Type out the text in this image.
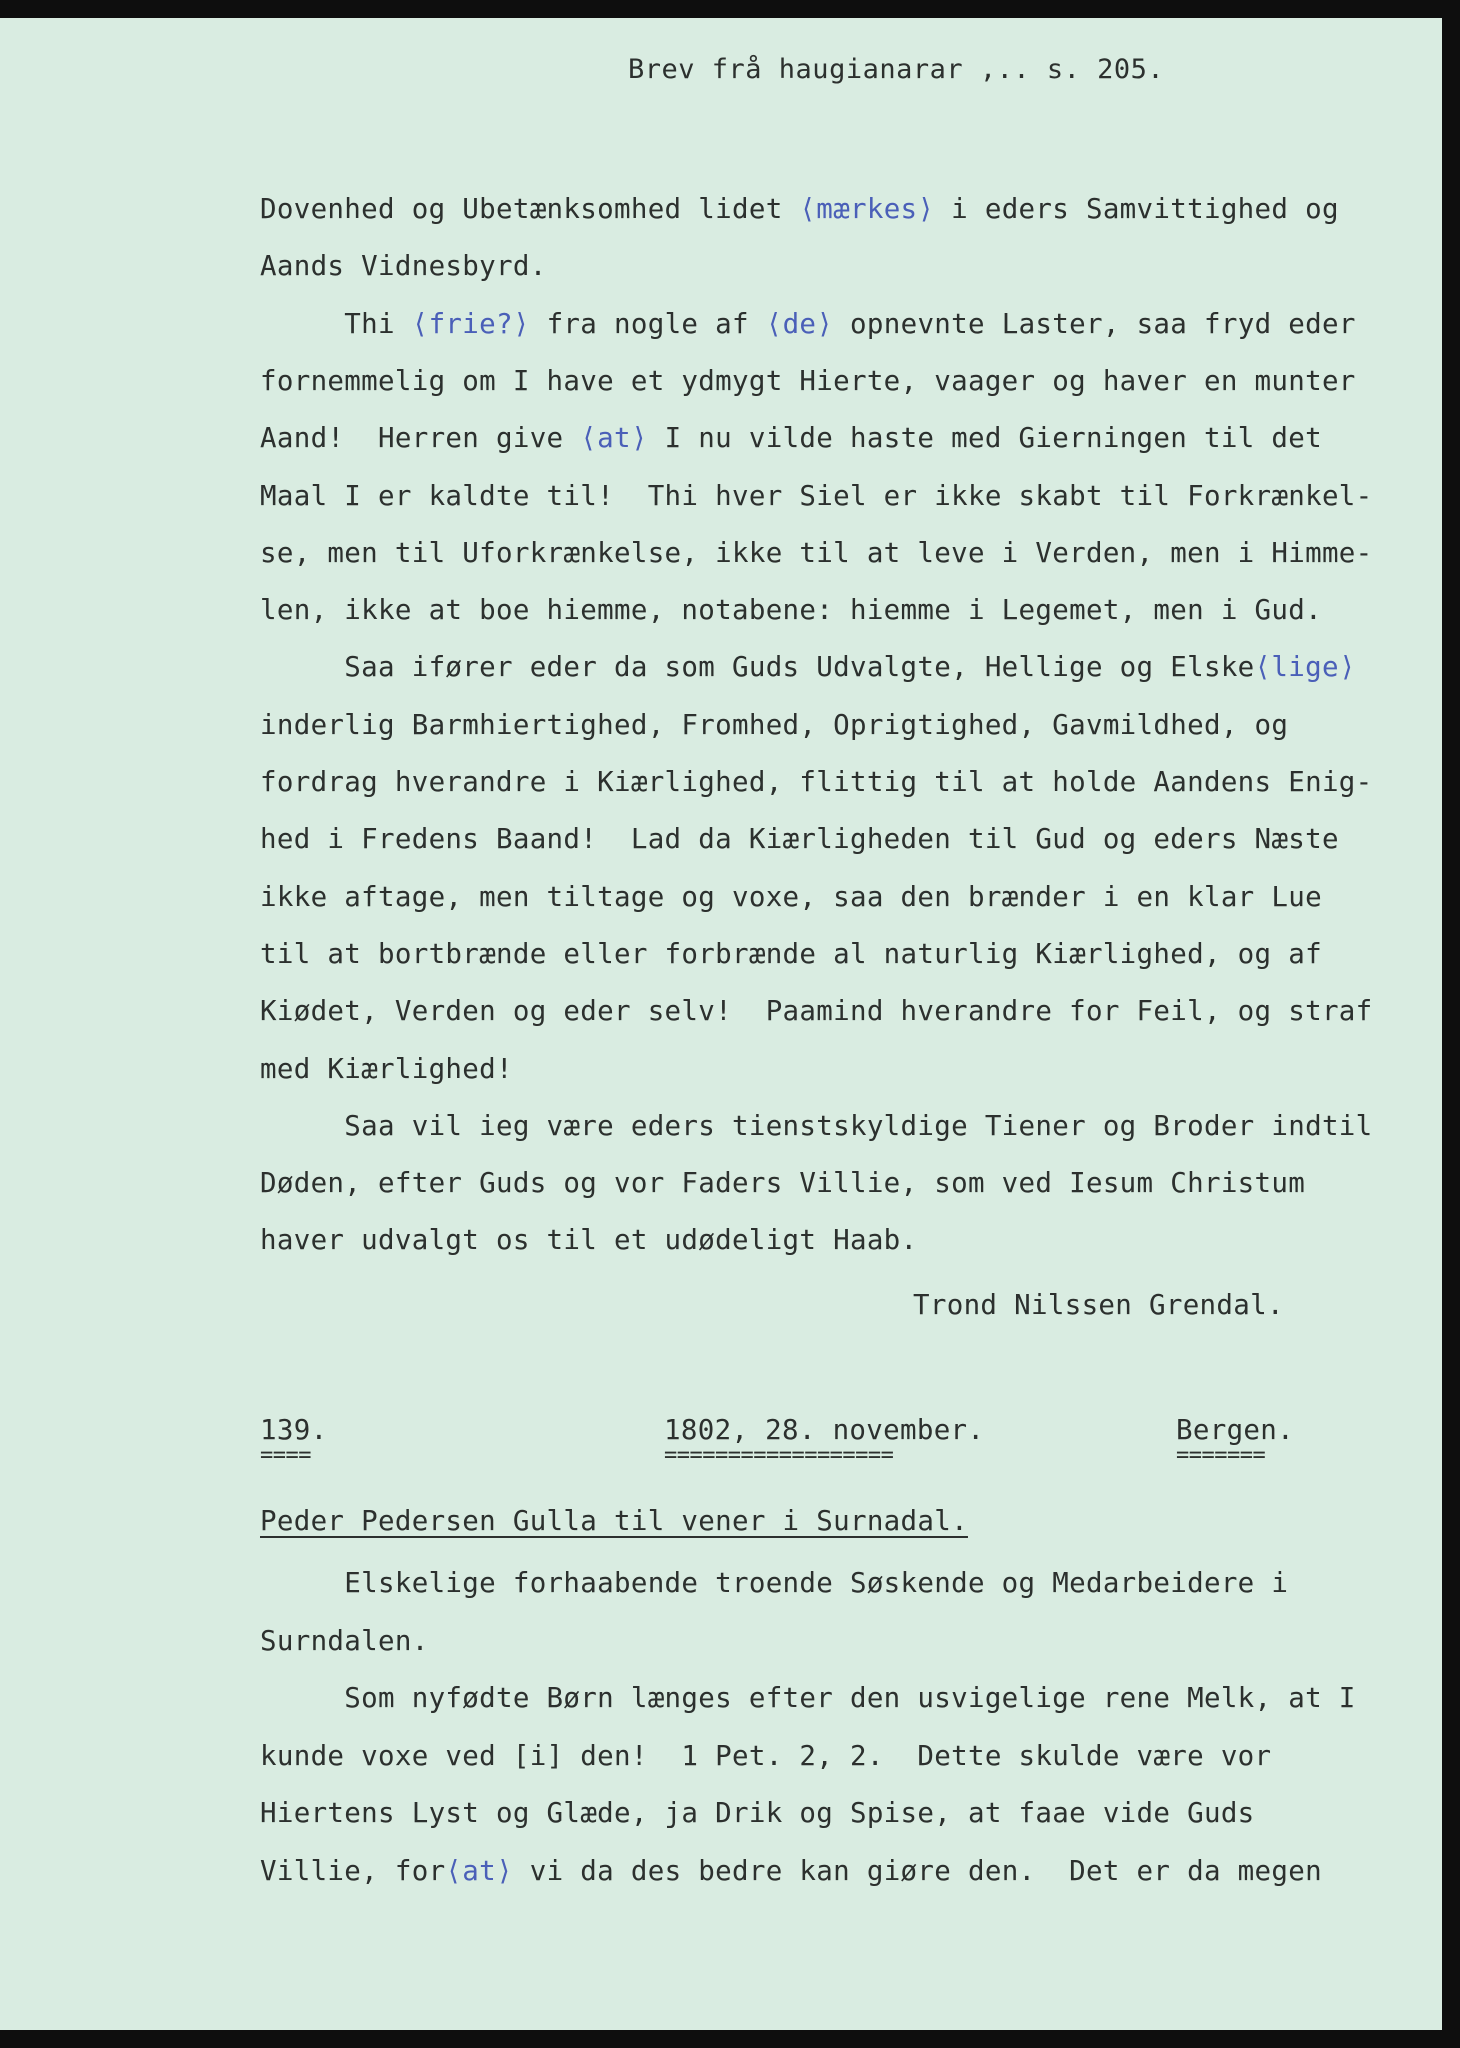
Brev frå haugianarar ,.. s. 205.
Dovenhed og Ubetænksomhed lidet ⟨mærkes⟩ i eders Samvittighed og
Aands Vidnesbyrd.
Thi ⟨frie?⟩ fra nogle af ⟨de⟩ opnevnte Laster, saa fryd eder
fornemmelig om I have et ydmygt Hierte, vaager og haver en munter
Aand!  Herren give ⟨at⟩ I nu vilde haste med Gierningen til det
Maal I er kaldte til!  Thi hver Siel er ikke skabt til Forkrænkel-
se, men til Uforkrænkelse, ikke til at leve i Verden, men i Himme-
len, ikke at boe hiemme, notabene: hiemme i Legemet, men i Gud.
Saa ifører eder da som Guds Udvalgte, Hellige og Elske⟨lige⟩
inderlig Barmhiertighed, Fromhed, Oprigtighed, Gavmildhed, og
fordrag hverandre i Kiærlighed, flittig til at holde Aandens Enig-
hed i Fredens Baand!  Lad da Kiærligheden til Gud og eders Næste
ikke aftage, men tiltage og voxe, saa den brænder i en klar Lue
til at bortbrænde eller forbrænde al naturlig Kiærlighed, og af
Kiødet, Verden og eder selv!  Paamind hverandre for Feil, og straf
med Kiærlighed!
Saa vil ieg være eders tienstskyldige Tiener og Broder indtil
Døden, efter Guds og vor Faders Villie, som ved Iesum Christum
haver udvalgt os til et udødeligt Haab.
Trond Nilssen Grendal.
139.	1802, 28. november.	Bergen.
====	==================	=======
Peder Pedersen Gulla til vener i Surnadal.
Elskelige forhaabende troende Søskende og Medarbeidere i
Surndalen.
Som nyfødte Børn længes efter den usvigelige rene Melk, at I
kunde voxe ved [i] den!  1 Pet. 2, 2.  Dette skulde være vor
Hiertens Lyst og Glæde, ja Drik og Spise, at faae vide Guds
Villie, for⟨at⟩ vi da des bedre kan giøre den.  Det er da megen
